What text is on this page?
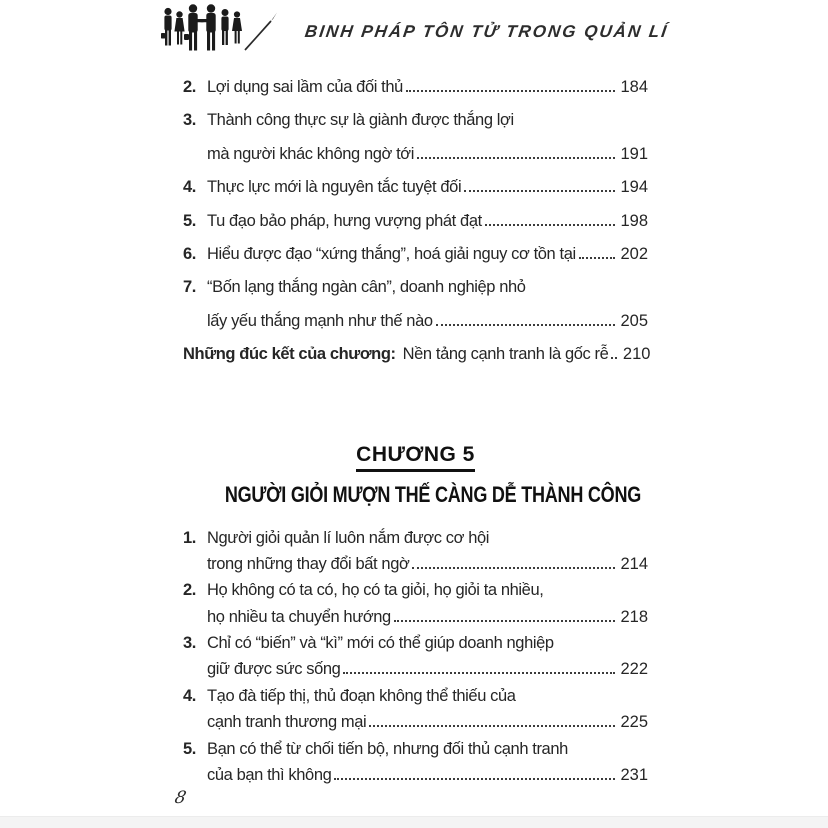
BINH PHÁP TÔN TỬ TRONG QUẢN LÍ
2. Lợi dụng sai lầm của đối thủ	184
3. Thành công thực sự là giành được thắng lợi
mà người khác không ngờ tới	191
4. Thực lực mới là nguyên tắc tuyệt đối	194
5. Tu đạo bảo pháp, hưng vượng phát đạt	198
6. Hiểu được đạo “xứng thắng”, hoá giải nguy cơ tồn tại	202
7. “Bốn lạng thắng ngàn cân”, doanh nghiệp nhỏ
lấy yếu thắng mạnh như thế nào	205
Những đúc kết của chương: Nền tảng cạnh tranh là gốc rễ 210
CHƯƠNG 5
NGƯỜI GIỎI MƯỢN THẾ CÀNG DỄ THÀNH CÔNG
1. Người giỏi quản lí luôn nắm được cơ hội
trong những thay đổi bất ngờ	214
2. Họ không có ta có, họ có ta giỏi, họ giỏi ta nhiều,
họ nhiều ta chuyển hướng	218
3. Chỉ có “biến” và “kì” mới có thể giúp doanh nghiệp
giữ được sức sống	222
4. Tạo đà tiếp thị, thủ đoạn không thể thiếu của
cạnh tranh thương mại	225
5. Bạn có thể từ chối tiến bộ, nhưng đối thủ cạnh tranh
của bạn thì không	231
8
